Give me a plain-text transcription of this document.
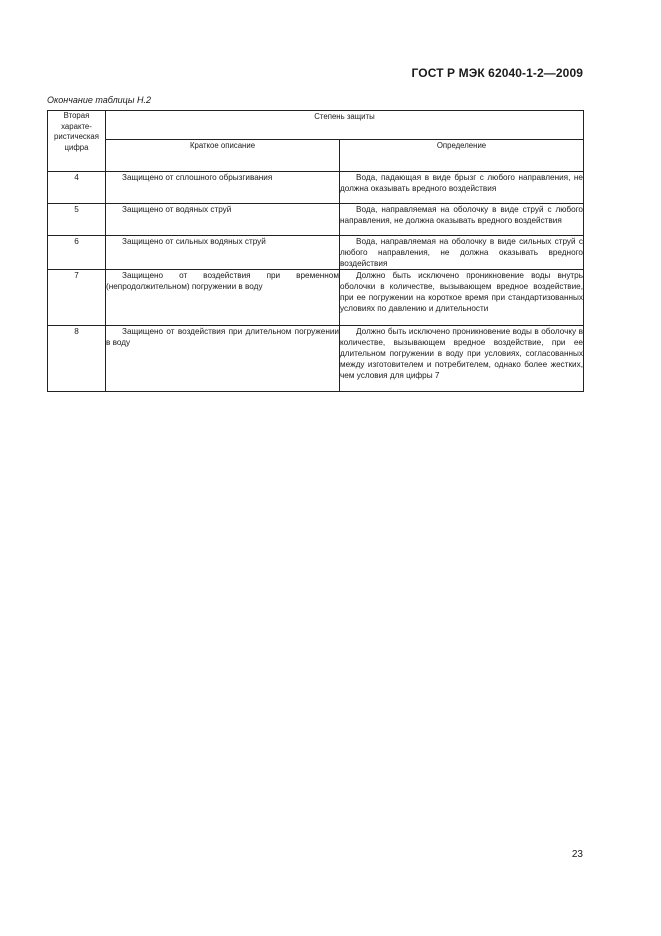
ГОСТ Р МЭК 62040-1-2—2009
Окончание таблицы Н.2
Вторая характе-ристическая цифра	Степень защиты	
	Краткое описание	Определение
4	Защищено от сплошного обрызгивания	Вода, падающая в виде брызг с любого направления, не должна оказывать вредного воздействия
5	Защищено от водяных струй	Вода, направляемая на оболочку в виде струй с любого направления, не должна оказывать вредного воздействия
6	Защищено от сильных водяных струй	Вода, направляемая на оболочку в виде сильных струй с любого направления, не должна оказывать вредного воздействия
7	Защищено от воздействия при временном (непродолжительном) погружении в воду	Должно быть исключено проникновение воды внутрь оболочки в количестве, вызывающем вредное воздействие, при ее погружении на короткое время при стандартизованных условиях по давлению и длительности
8	Защищено от воздействия при длительном погружении в воду	Должно быть исключено проникновение воды в оболочку в количестве, вызывающем вредное воздействие, при ее длительном погружении в воду при условиях, согласованных между изготовителем и потребителем, однако более жестких, чем условия для цифры 7
23
